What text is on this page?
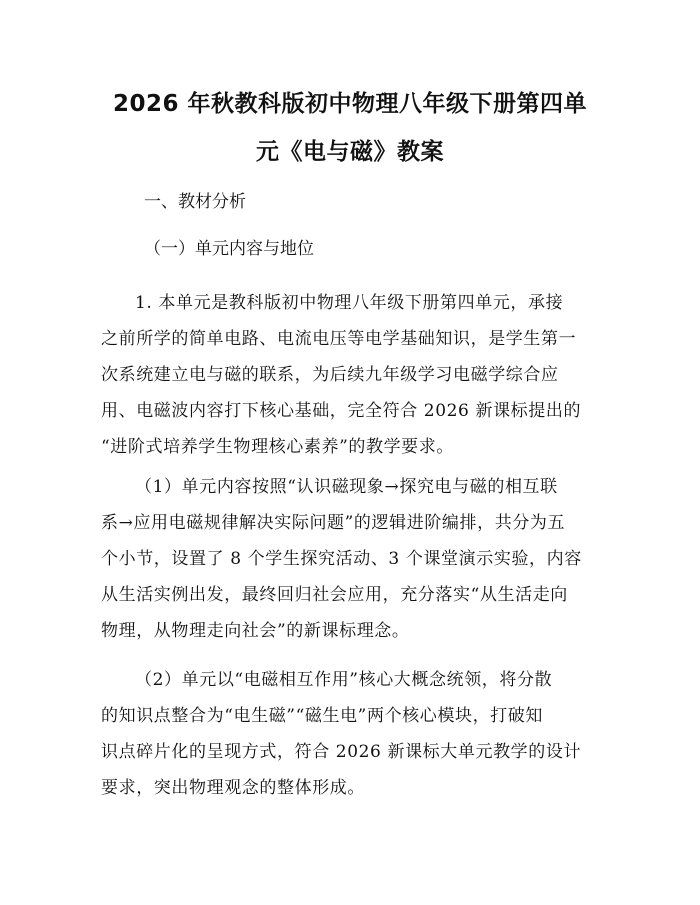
2026 年秋教科版初中物理八年级下册第四单
元《电与磁》教案

一、教材分析

（一）单元内容与地位

1. 本单元是教科版初中物理八年级下册第四单元，承接
之前所学的简单电路、电流电压等电学基础知识，是学生第一
次系统建立电与磁的联系，为后续九年级学习电磁学综合应
用、电磁波内容打下核心基础，完全符合 2026 新课标提出的
“进阶式培养学生物理核心素养”的教学要求。
（1）单元内容按照“认识磁现象→探究电与磁的相互联
系→应用电磁规律解决实际问题”的逻辑进阶编排，共分为五
个小节，设置了 8 个学生探究活动、3 个课堂演示实验，内容
从生活实例出发，最终回归社会应用，充分落实“从生活走向
物理，从物理走向社会”的新课标理念。
（2）单元以“电磁相互作用”核心大概念统领，将分散
的知识点整合为“电生磁”“磁生电”两个核心模块，打破知
识点碎片化的呈现方式，符合 2026 新课标大单元教学的设计
要求，突出物理观念的整体形成。
